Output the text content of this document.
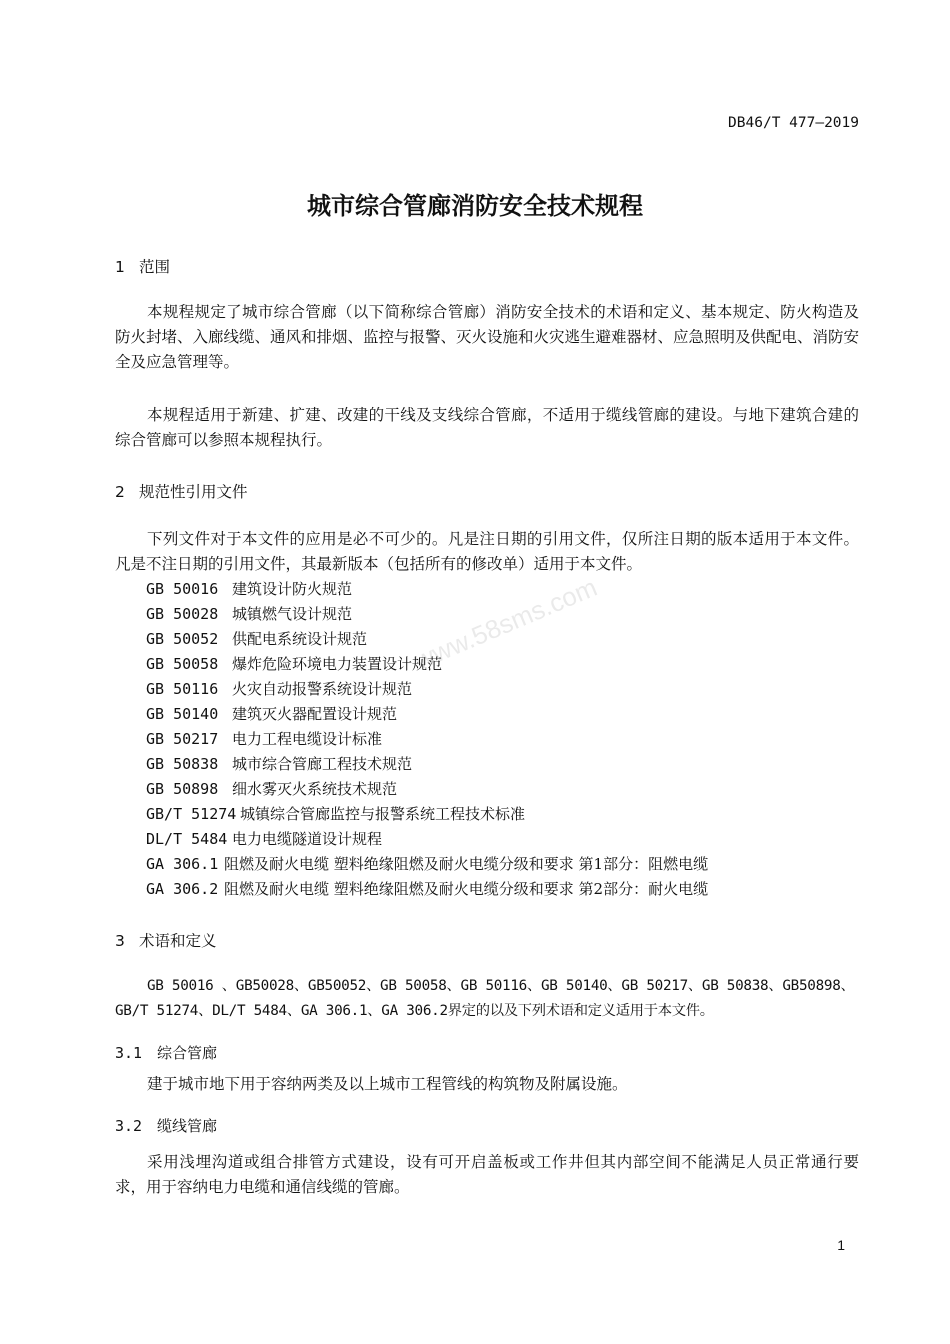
DB46/T 477—2019
城市综合管廊消防安全技术规程
1 范围

本规程规定了城市综合管廊（以下简称综合管廊）消防安全技术的术语和定义、基本规定、防火构造及防火封堵、入廊线缆、通风和排烟、监控与报警、灭火设施和火灾逃生避难器材、应急照明及供配电、消防安全及应急管理等。

本规程适用于新建、扩建、改建的干线及支线综合管廊，不适用于缆线管廊的建设。与地下建筑合建的综合管廊可以参照本规程执行。

2 规范性引用文件

下列文件对于本文件的应用是必不可少的。凡是注日期的引用文件，仅所注日期的版本适用于本文件。凡是不注日期的引用文件，其最新版本（包括所有的修改单）适用于本文件。

GB 50016 建筑设计防火规范
GB 50028 城镇燃气设计规范
GB 50052 供配电系统设计规范
GB 50058 爆炸危险环境电力装置设计规范
GB 50116 火灾自动报警系统设计规范
GB 50140 建筑灭火器配置设计规范
GB 50217 电力工程电缆设计标准
GB 50838 城市综合管廊工程技术规范
GB 50898 细水雾灭火系统技术规范
GB/T 51274 城镇综合管廊监控与报警系统工程技术标准
DL/T 5484 电力电缆隧道设计规程
GA 306.1 阻燃及耐火电缆 塑料绝缘阻燃及耐火电缆分级和要求 第1部分：阻燃电缆
GA 306.2 阻燃及耐火电缆 塑料绝缘阻燃及耐火电缆分级和要求 第2部分：耐火电缆
www.58sms.com
3 术语和定义
GB 50016 、GB50028、GB50052、GB 50058、GB 50116、GB 50140、GB 50217、GB 50838、GB50898、
GB/T 51274、DL/T 5484、GA 306.1、GA 306.2界定的以及下列术语和定义适用于本文件。
3.1 综合管廊

建于城市地下用于容纳两类及以上城市工程管线的构筑物及附属设施。

3.2 缆线管廊

采用浅埋沟道或组合排管方式建设，设有可开启盖板或工作井但其内部空间不能满足人员正常通行要求，用于容纳电力电缆和通信线缆的管廊。

1
